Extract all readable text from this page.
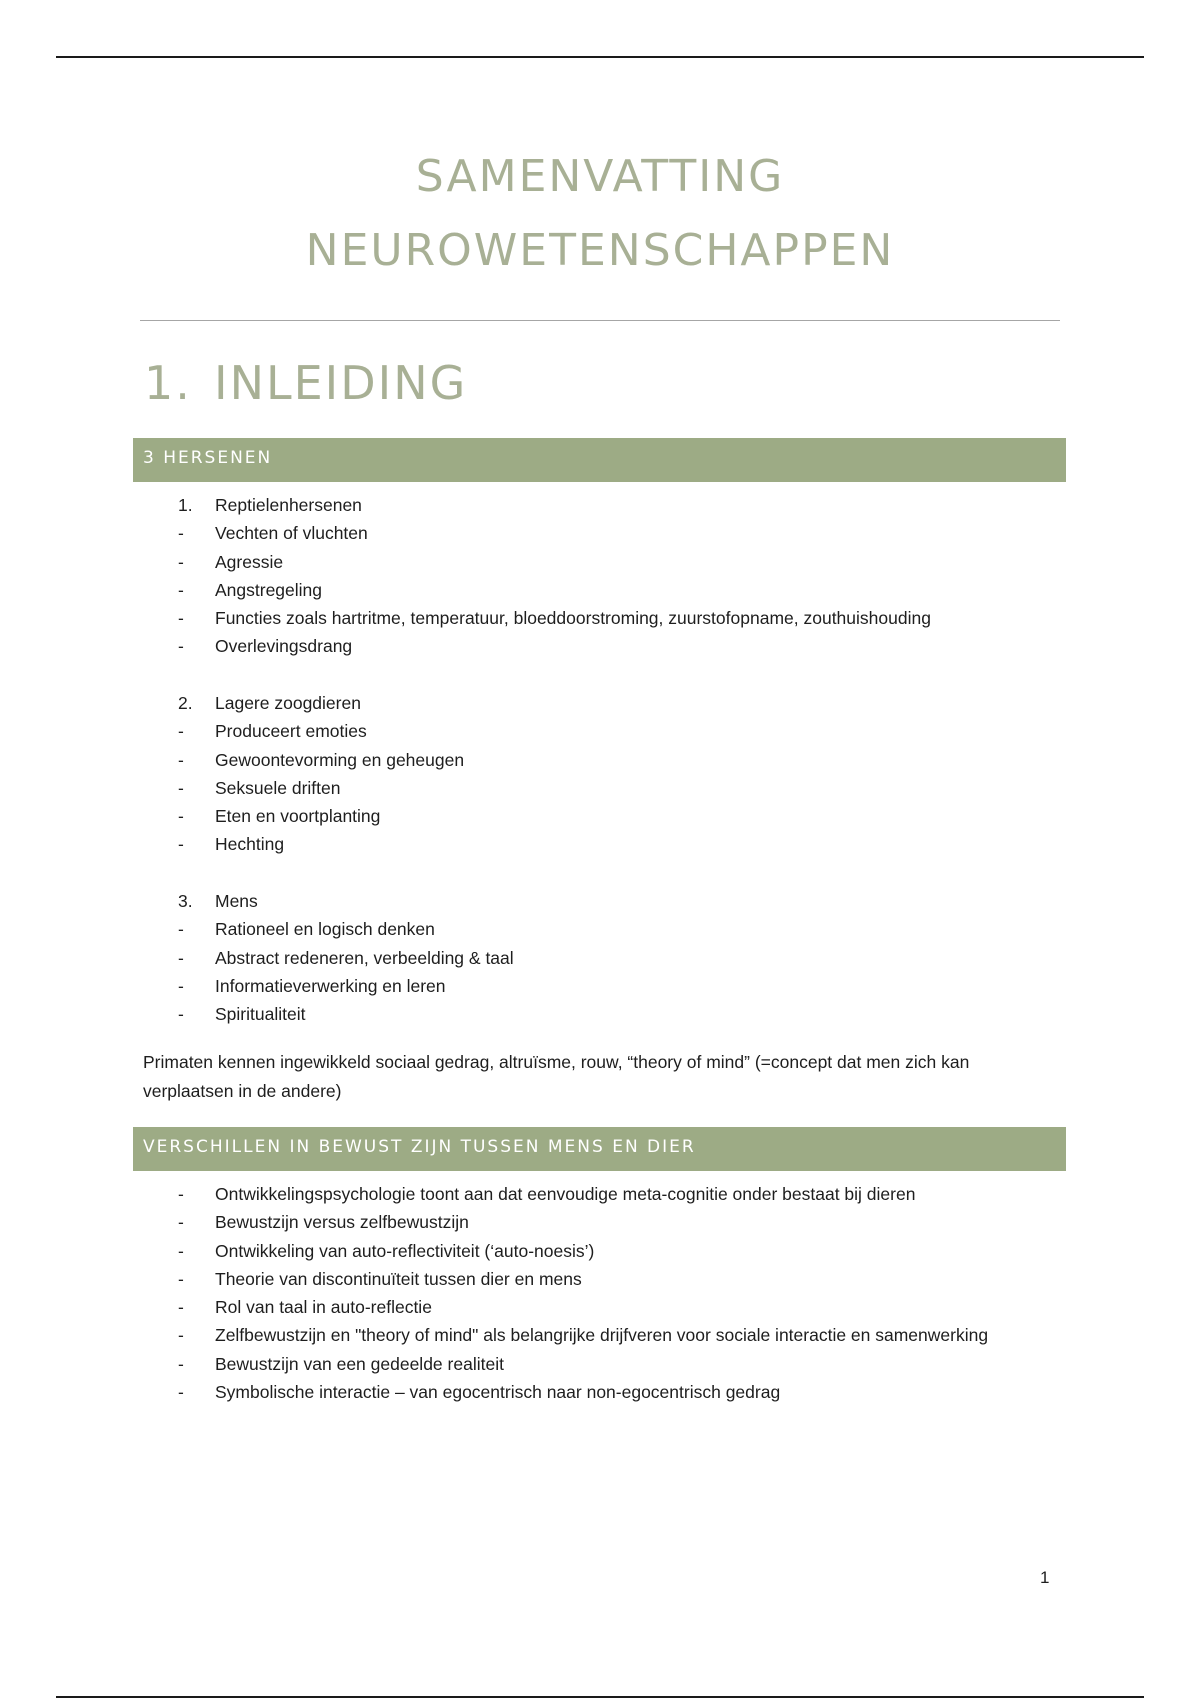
SAMENVATTING
NEUROWETENSCHAPPEN
1. INLEIDING
3 HERSENEN
1. Reptielenhersenen
- Vechten of vluchten
- Agressie
- Angstregeling
- Functies zoals hartritme, temperatuur, bloeddoorstroming, zuurstofopname, zouthuishouding
- Overlevingsdrang
2. Lagere zoogdieren
- Produceert emoties
- Gewoontevorming en geheugen
- Seksuele driften
- Eten en voortplanting
- Hechting
3. Mens
- Rationeel en logisch denken
- Abstract redeneren, verbeelding & taal
- Informatieverwerking en leren
- Spiritualiteit

Primaten kennen ingewikkeld sociaal gedrag, altruïsme, rouw, “theory of mind” (=concept dat men zich kan verplaatsen in de andere)

VERSCHILLEN IN BEWUST ZIJN TUSSEN MENS EN DIER
- Ontwikkelingspsychologie toont aan dat eenvoudige meta-cognitie onder bestaat bij dieren
- Bewustzijn versus zelfbewustzijn
- Ontwikkeling van auto-reflectiviteit (‘auto-noesis’)
- Theorie van discontinuïteit tussen dier en mens
- Rol van taal in auto-reflectie
- Zelfbewustzijn en "theory of mind" als belangrijke drijfveren voor sociale interactie en samenwerking
- Bewustzijn van een gedeelde realiteit
- Symbolische interactie – van egocentrisch naar non-egocentrisch gedrag
1
